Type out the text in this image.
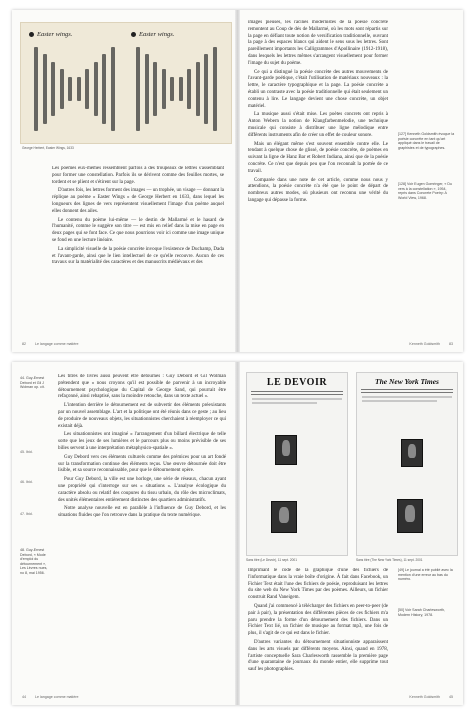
Easter wings.	Easter wings.
George Herbert, Easter Wings, 1633

Les poèmes eux-mêmes ressemblent parfois à des troupeaux de lettres s'assemblant pour former une constellation. Parfois ils se dérivent comme des feuilles mortes, se tordent et se plient et s'étirent sur la page.

D'autres fois, les lettres forment des images — un trophée, un visage — donnant la réplique au poème « Easter Wings » de George Herbert en 1633, dans lequel les longueurs des lignes de vers représentent visuellement l'image d'un poème auquel elles donnent des ailes.

Le contenu du poème lui-même — le destin de Mallarmé et le hasard de l'humanité, comme le suggère son titre — est mis en relief dans la mise en page en deux pages qui se font face. Ce que nous pourrions voir ici comme une image unique se fond en une lecture linéaire.

La simplicité visuelle de la poésie concrète invoque l'existence de Duchamp, Dada et l'avant-garde, ainsi que le lien intellectuel de ce qu'elle recouvre. Aucun de ces travaux sur la matérialité des caractères et des manuscrits médiévaux et des

82	Le langage comme matière

images pieuses, les racines modernistes de la poésie concrète remontent au Coup de dés de Mallarmé, où les mots sont répartis sur la page en défiant toute notion de versification traditionnelle, ouvrant la page à des espaces blancs qui aident le sens sous les lettres. Sont pareillement importants les Calligrammes d'Apollinaire (1912-1918), dans lesquels les lettres mêmes s'arrangent visuellement pour former l'image du sujet du poème.

Ce qui a distingué la poésie concrète des autres mouvements de l'avant-garde poétique, c'était l'utilisation de matériaux nouveaux : la lettre, le caractère typographique et la page. La poésie concrète a établi un contraste avec la poésie traditionnelle qui était seulement un contenu à lire. Le langage devient une chose concrète, un objet matériel.

La musique aussi s'était mise. Les poètes concrets ont repris à Anton Webern la notion de Klangfarbenmelodie, une technique musicale qui consiste à distribuer une ligne mélodique entre différents instruments afin de créer un effet de couleur sonore.

Mais un élégant même s'est souvent ensemble contre elle. Le tendant à quelque chose de glissé, de poésie concrète, de poèmes en suivant la ligne de Hanz Bar et Robert Indiana, ainsi que de la poésie concrète. Ce n'est que depuis peu que l'on reconnaît la portée de ce travail.

Comparée dans une note de cet article, comme nous nous y attendions, la poésie concrète n'a été que le point de départ de nombreux autres modes, où plusieurs ont reconnu une vérité du langage qui dépasse la forme.

[127] Kenneth Goldsmith évoque la poésie concrète en tant qu'art appliqué dans le travail de graphistes et de typographes.
[128] Voir Eugen Gomringer, « Du vers à la constellation », 1954, repris dans Concrete Poetry: A World View, 1968.
Kenneth Goldsmith	83
44. Guy-Ernest Debord et Gil J Wolman op. cit.
45. Ibid.
46. Ibid.
47. Ibid.
48. Guy-Ernest Debord, « Mode d'emploi du détournement », Les Lèvres nues, no 8, mai 1956.

Les titres de livres aussi peuvent être détournés : Guy Debord et Gil Wolman prétendent que « nous croyons qu'il est possible de parvenir à un incroyable détournement psychologique du Capital de George Sand, qui pourrait être refaçonné, ainsi rebaptisé, sans la moindre retouche, dans un texte actuel ».

L'intention derrière le détournement est de subvertir des éléments préexistants par un nouvel assemblage. L'art et la politique ont été réunis dans ce geste ; au lieu de produire de nouveaux objets, les situationnistes cherchaient à réemployer ce qui existait déjà.

Les situationnistes ont imaginé « l'arrangement d'un billard électrique de telle sorte que les jeux de ses lumières et le parcours plus ou moins prévisible de ses billes servent à une interprétation métaphysico-spatiale ».

Guy Debord vers ces éléments culturels comme des prémices pour un art fondé sur la transformation continue des éléments reçus. Une œuvre détournée doit être lisible, et sa source reconnaissable, pour que le détournement opère.

Pour Guy Debord, la ville est une horloge, une série de réseaux, chacun ayant une propriété qui s'interroge sur ses « situations ». L'analyse écologique du caractère absolu ou relatif des coupures du tissu urbain, du rôle des microclimats, des unités élémentaires entièrement distinctes des quartiers administratifs.

Notre analyse nouvelle est en parallèle à l'influence de Guy Debord, et les situations fluides que l'on retrouve dans la pratique du texte numérique.

44	Le langage comme matière
LE DEVOIR	The New York Times
Sans titre (Le Devoir), 11 sept. 2001	Sans titre (The New York Times), 11 sept. 2001

Imprimant le code de la graphique d'une des fichiers de l'informatique dans la vraie boîte d'origine. À fait dans Facebook, un Fichier Text était l'une des fichiers de poésie, reproduisant les lettres du site web du New York Times par des poèmes. Ailleurs, un fichier construit Rand Vaneigem.

Quand j'ai commencé à télécharger des fichiers en peer-to-peer (de pair à pair), la présentation des différentes pièces de ces fichiers m'a paru prendre la forme d'un détournement des fichiers. Dans un Fichier Text lié, un fichier de musique au format mp3, une fois de plus, il s'agit de ce qui est dans le fichier.

D'autres variantes du détournement situationniste apparaissent dans les arts visuels par différents moyens. Ainsi, quand en 1978, l'artiste conceptuelle Sara Charlesworth rassemble la première page d'une quarantaine de journaux du monde entier, elle supprime tout sauf les photographies.

[49] Le journal a été publié avec la mention d'une erreur au bas du numéro.
[50] Voir Sarah Charlesworth, Modern History, 1978.
Kenneth Goldsmith	45
